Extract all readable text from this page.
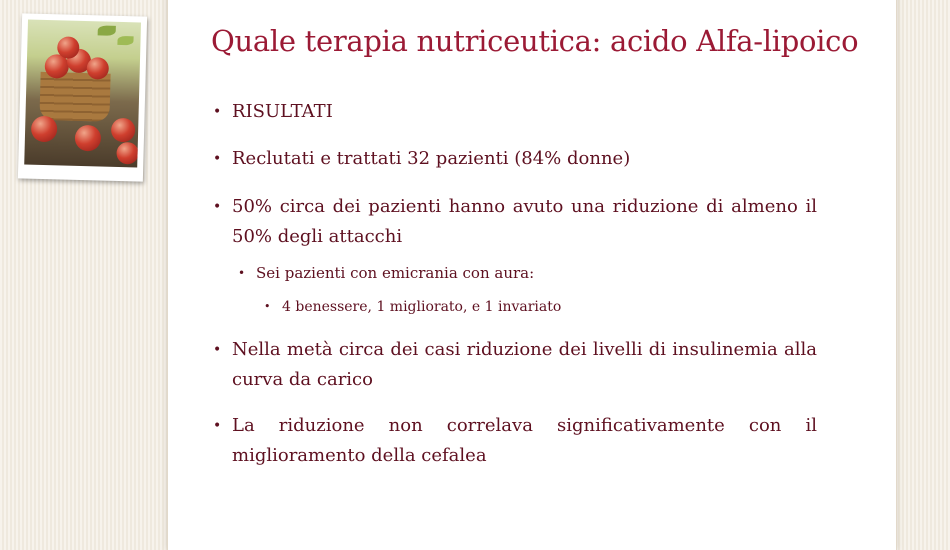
Quale terapia nutriceutica: acido Alfa-lipoico
• RISULTATI
• Reclutati e trattati 32 pazienti (84% donne)
• 50% circa dei pazienti hanno avuto una riduzione di almeno il 50% degli attacchi
• Sei pazienti con emicrania con aura:
• 4 benessere, 1 migliorato, e 1 invariato
• Nella metà circa dei casi riduzione dei livelli di insulinemia alla curva da carico
• La riduzione non correlava significativamente con il miglioramento della cefalea
